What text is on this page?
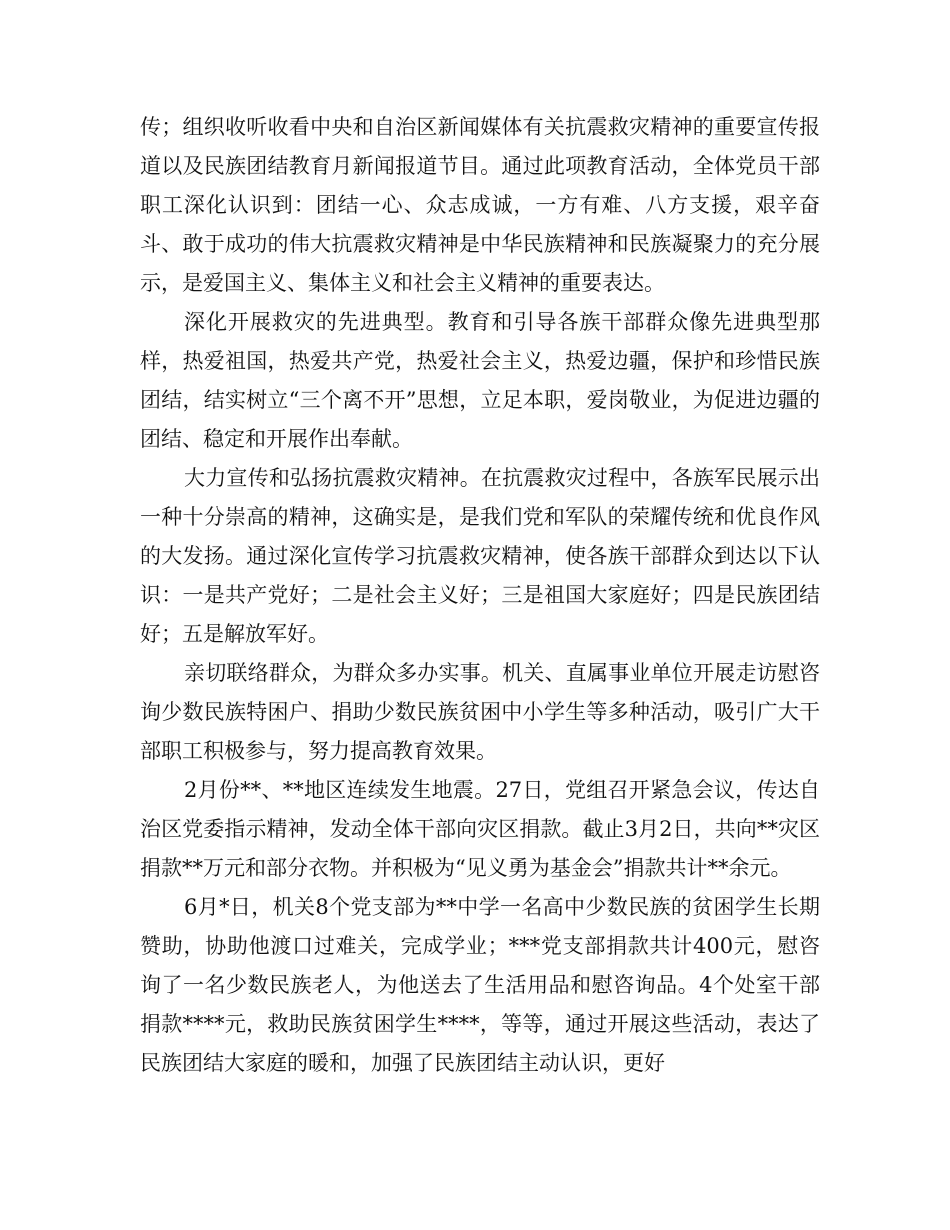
传；组织收听收看中央和自治区新闻媒体有关抗震救灾精神的重要宣传报道以及民族团结教育月新闻报道节目。通过此项教育活动，全体党员干部职工深化认识到：团结一心、众志成诚，一方有难、八方支援，艰辛奋斗、敢于成功的伟大抗震救灾精神是中华民族精神和民族凝聚力的充分展示，是爱国主义、集体主义和社会主义精神的重要表达。

深化开展救灾的先进典型。教育和引导各族干部群众像先进典型那样，热爱祖国，热爱共产党，热爱社会主义，热爱边疆，保护和珍惜民族团结，结实树立“三个离不开”思想，立足本职，爱岗敬业，为促进边疆的团结、稳定和开展作出奉献。

大力宣传和弘扬抗震救灾精神。在抗震救灾过程中，各族军民展示出一种十分崇高的精神，这确实是，是我们党和军队的荣耀传统和优良作风的大发扬。通过深化宣传学习抗震救灾精神，使各族干部群众到达以下认识：一是共产党好；二是社会主义好；三是祖国大家庭好；四是民族团结好；五是解放军好。

亲切联络群众，为群众多办实事。机关、直属事业单位开展走访慰咨询少数民族特困户、捐助少数民族贫困中小学生等多种活动，吸引广大干部职工积极参与，努力提高教育效果。

2月份**、**地区连续发生地震。27日，党组召开紧急会议，传达自治区党委指示精神，发动全体干部向灾区捐款。截止3月2日，共向**灾区捐款**万元和部分衣物。并积极为“见义勇为基金会”捐款共计**余元。

6月*日，机关8个党支部为**中学一名高中少数民族的贫困学生长期赞助，协助他渡口过难关，完成学业；***党支部捐款共计400元，慰咨询了一名少数民族老人，为他送去了生活用品和慰咨询品。4个处室干部捐款****元，救助民族贫困学生****，等等，通过开展这些活动，表达了民族团结大家庭的暖和，加强了民族团结主动认识，更好
